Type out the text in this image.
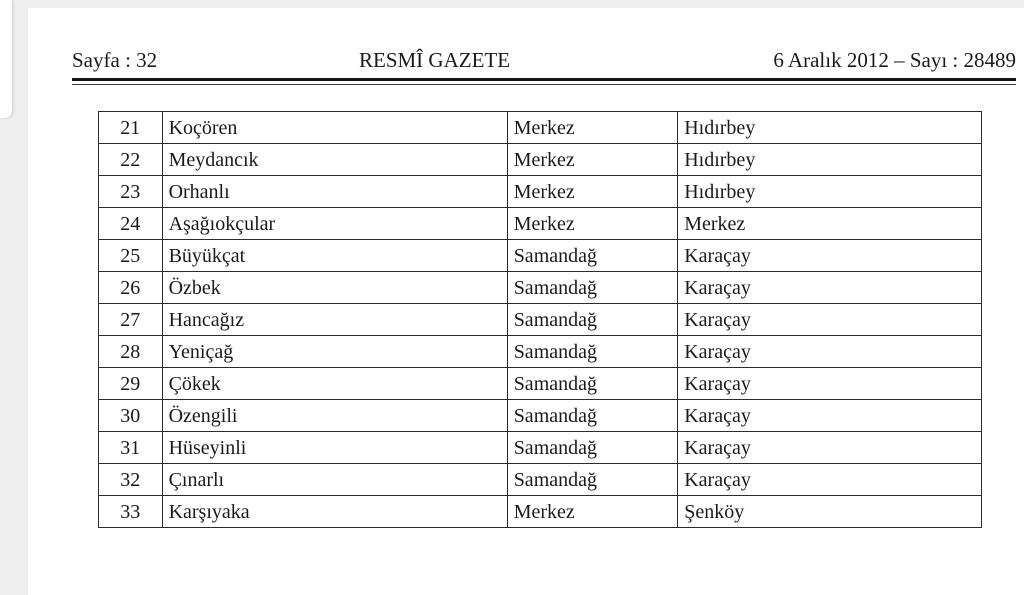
Sayfa : 32	RESMÎ GAZETE	6 Aralık 2012 – Sayı : 28489
21	Koçören	Merkez	Hıdırbey
22	Meydancık	Merkez	Hıdırbey
23	Orhanlı	Merkez	Hıdırbey
24	Aşağıokçular	Merkez	Merkez
25	Büyükçat	Samandağ	Karaçay
26	Özbek	Samandağ	Karaçay
27	Hancağız	Samandağ	Karaçay
28	Yeniçağ	Samandağ	Karaçay
29	Çökek	Samandağ	Karaçay
30	Özengili	Samandağ	Karaçay
31	Hüseyinli	Samandağ	Karaçay
32	Çınarlı	Samandağ	Karaçay
33	Karşıyaka	Merkez	Şenköy
